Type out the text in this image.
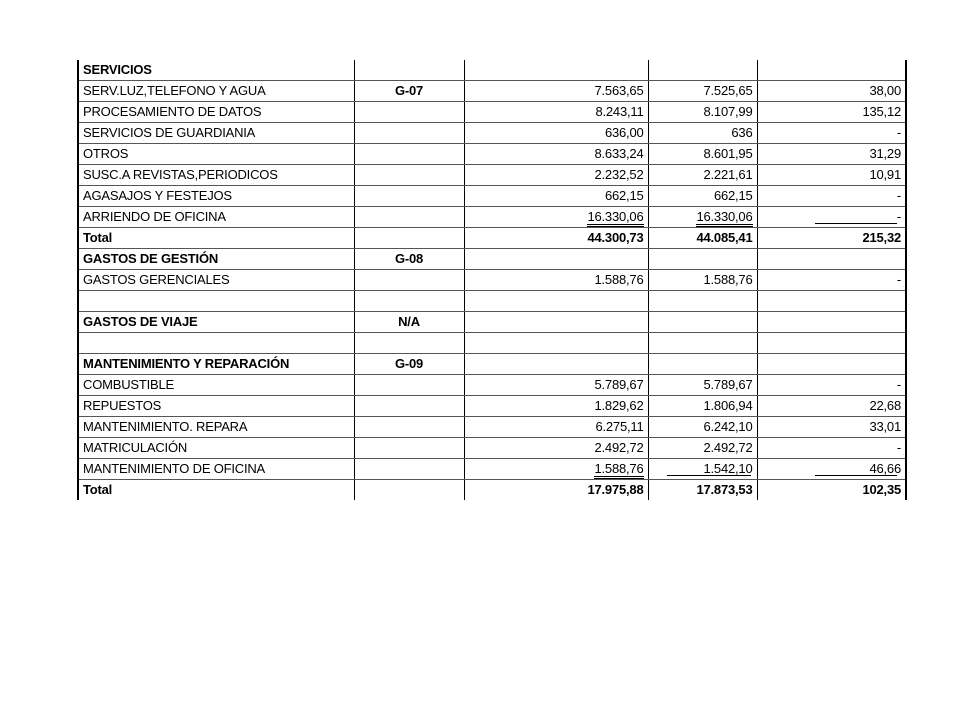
SERVICIOS				
SERV.LUZ,TELEFONO Y AGUA	G-07	7.563,65	7.525,65	38,00
PROCESAMIENTO DE DATOS		8.243,11	8.107,99	135,12
SERVICIOS DE GUARDIANIA		636,00	636	-
OTROS		8.633,24	8.601,95	31,29
SUSC.A REVISTAS,PERIODICOS		2.232,52	2.221,61	10,91
AGASAJOS Y FESTEJOS		662,15	662,15	-
ARRIENDO DE OFICINA		16.330,06	16.330,06	-
Total		44.300,73	44.085,41	215,32
GASTOS DE GESTIÓN	G-08			
GASTOS GERENCIALES		1.588,76	1.588,76	-

GASTOS DE VIAJE	N/A			

MANTENIMIENTO Y REPARACIÓN	G-09			
COMBUSTIBLE		5.789,67	5.789,67	-
REPUESTOS		1.829,62	1.806,94	22,68
MANTENIMIENTO. REPARA		6.275,11	6.242,10	33,01
MATRICULACIÓN		2.492,72	2.492,72	-
MANTENIMIENTO DE OFICINA		1.588,76	1.542,10	46,66
Total		17.975,88	17.873,53	102,35
